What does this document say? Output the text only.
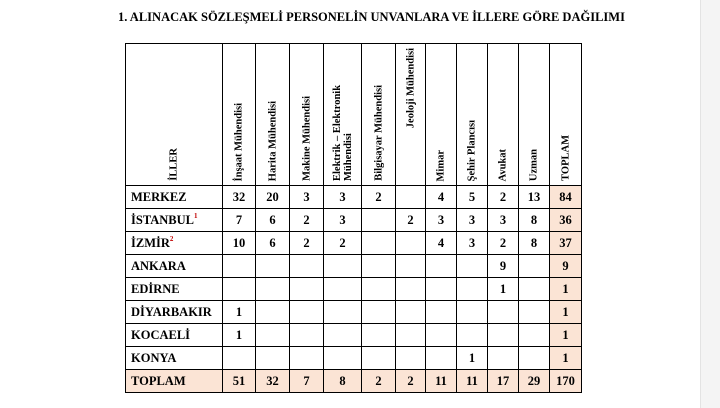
1. ALINACAK SÖZLEŞMELİ PERSONELİN UNVANLARA VE İLLERE GÖRE DAĞILIMI
İLLER	İnşaat Mühendisi	Harita Mühendisi	Makine Mühendisi	Elektrik – Elektronik Mühendisi	Bilgisayar Mühendisi	Jeoloji Mühendisi	Mimar	Şehir Plancısı	Avukat	Uzman	TOPLAM

MERKEZ	32	20	3	3	2		4	5	2	13	84
İSTANBUL$^1$	7	6	2	3		2	3	3	3	8	36
İZMİR$^2$	10	6	2	2			4	3	2	8	37
ANKARA									9		9
EDİRNE									1		1
DİYARBAKIR	1										1
KOCAELİ	1										1
KONYA								1			1
TOPLAM	51	32	7	8	2	2	11	11	17	29	170
